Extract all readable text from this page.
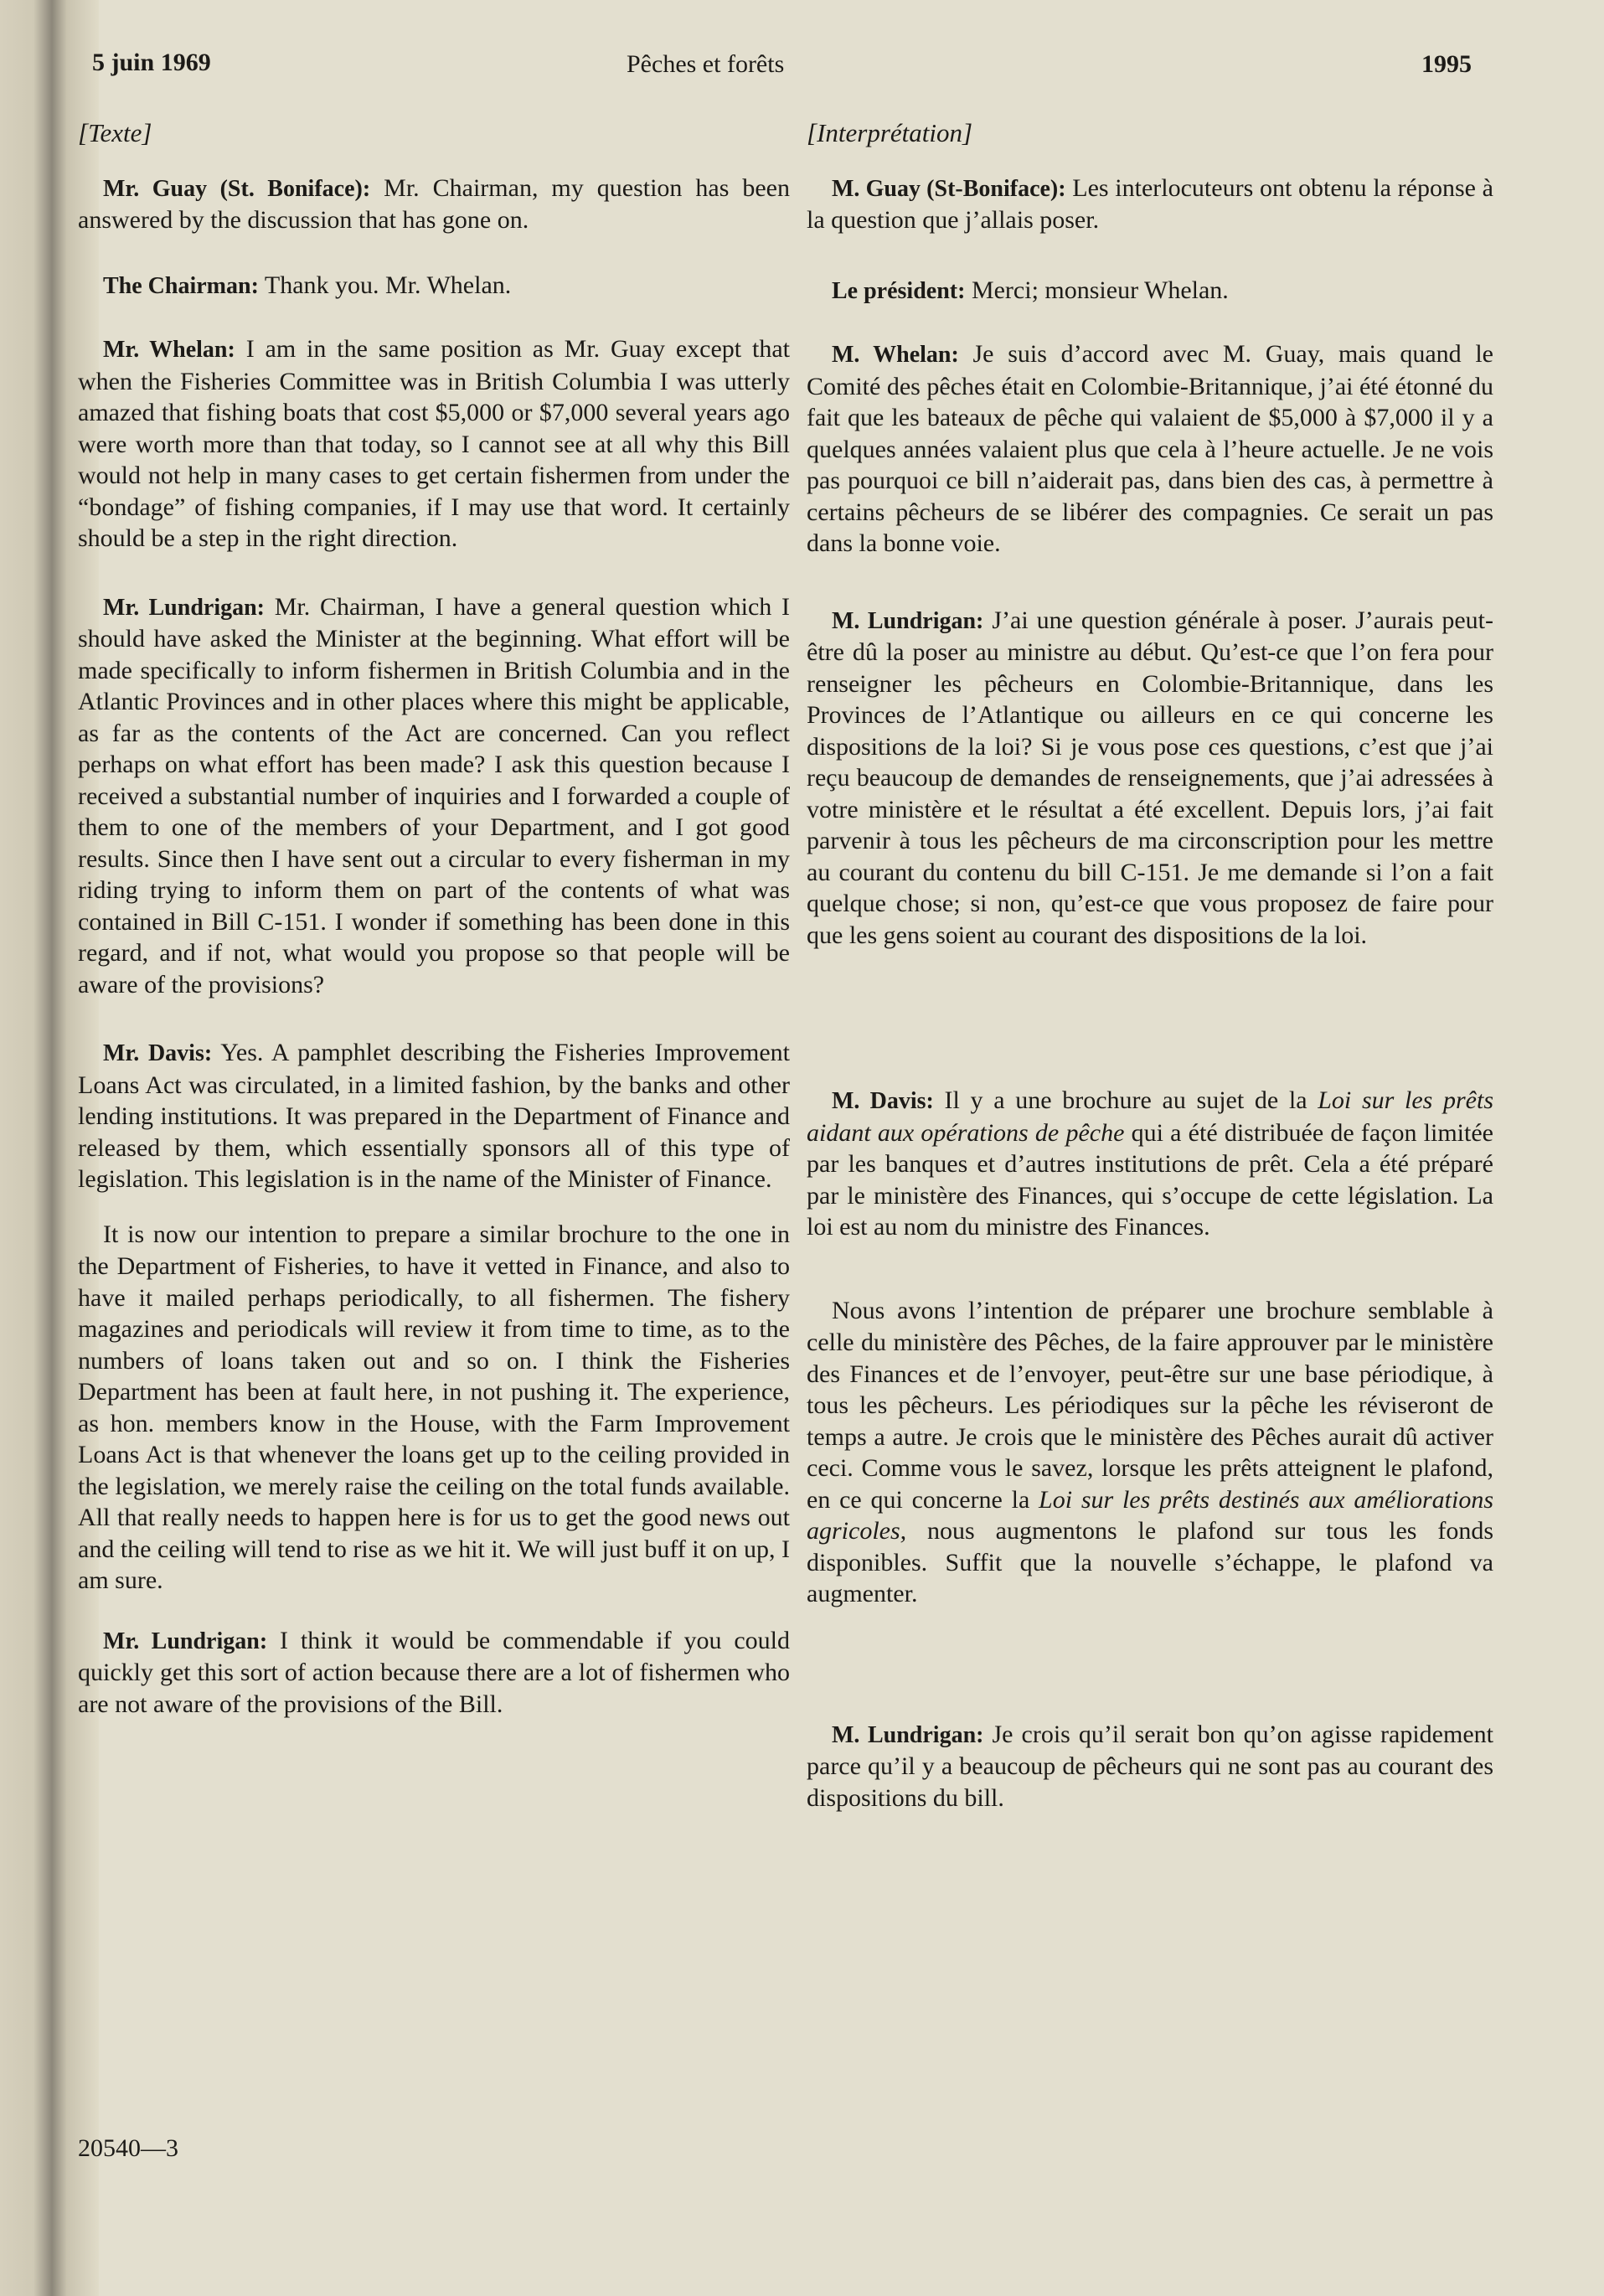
5 juin 1969	Pêches et forêts	1995
[Texte]

Mr. Guay (St. Boniface): Mr. Chairman, my question has been answered by the discussion that has gone on.

The Chairman: Thank you. Mr. Whelan.

Mr. Whelan: I am in the same position as Mr. Guay except that when the Fisheries Committee was in British Columbia I was utterly amazed that fishing boats that cost $5,000 or $7,000 several years ago were worth more than that today, so I cannot see at all why this Bill would not help in many cases to get certain fishermen from under the “bondage” of fishing companies, if I may use that word. It certainly should be a step in the right direction.

Mr. Lundrigan: Mr. Chairman, I have a general question which I should have asked the Minister at the beginning. What effort will be made specifically to inform fishermen in British Columbia and in the Atlantic Provinces and in other places where this might be applicable, as far as the contents of the Act are concerned. Can you reflect perhaps on what effort has been made? I ask this question because I received a substantial number of inquiries and I forwarded a couple of them to one of the members of your Department, and I got good results. Since then I have sent out a circular to every fisherman in my riding trying to inform them on part of the contents of what was contained in Bill C-151. I wonder if something has been done in this regard, and if not, what would you propose so that people will be aware of the provisions?

Mr. Davis: Yes. A pamphlet describing the Fisheries Improvement Loans Act was circulated, in a limited fashion, by the banks and other lending institutions. It was prepared in the Department of Finance and released by them, which essentially sponsors all of this type of legislation. This legislation is in the name of the Minister of Finance.

It is now our intention to prepare a similar brochure to the one in the Department of Fisheries, to have it vetted in Finance, and also to have it mailed perhaps periodically, to all fishermen. The fishery magazines and periodicals will review it from time to time, as to the numbers of loans taken out and so on. I think the Fisheries Department has been at fault here, in not pushing it. The experience, as hon. members know in the House, with the Farm Improvement Loans Act is that whenever the loans get up to the ceiling provided in the legislation, we merely raise the ceiling on the total funds available. All that really needs to happen here is for us to get the good news out and the ceiling will tend to rise as we hit it. We will just buff it on up, I am sure.

Mr. Lundrigan: I think it would be commendable if you could quickly get this sort of action because there are a lot of fishermen who are not aware of the provisions of the Bill.

20540—3
[Interprétation]

M. Guay (St-Boniface): Les interlocuteurs ont obtenu la réponse à la question que j’allais poser.

Le président: Merci; monsieur Whelan.

M. Whelan: Je suis d’accord avec M. Guay, mais quand le Comité des pêches était en Colombie-Britannique, j’ai été étonné du fait que les bateaux de pêche qui valaient de $5,000 à $7,000 il y a quelques années valaient plus que cela à l’heure actuelle. Je ne vois pas pourquoi ce bill n’aiderait pas, dans bien des cas, à permettre à certains pêcheurs de se libérer des compagnies. Ce serait un pas dans la bonne voie.

M. Lundrigan: J’ai une question générale à poser. J’aurais peut-être dû la poser au ministre au début. Qu’est-ce que l’on fera pour renseigner les pêcheurs en Colombie-Britannique, dans les Provinces de l’Atlantique ou ailleurs en ce qui concerne les dispositions de la loi? Si je vous pose ces questions, c’est que j’ai reçu beaucoup de demandes de renseignements, que j’ai adressées à votre ministère et le résultat a été excellent. Depuis lors, j’ai fait parvenir à tous les pêcheurs de ma circonscription pour les mettre au courant du contenu du bill C-151. Je me demande si l’on a fait quelque chose; si non, qu’est-ce que vous proposez de faire pour que les gens soient au courant des dispositions de la loi.

M. Davis: Il y a une brochure au sujet de la Loi sur les prêts aidant aux opérations de pêche qui a été distribuée de façon limitée par les banques et d’autres institutions de prêt. Cela a été préparé par le ministère des Finances, qui s’occupe de cette législation. La loi est au nom du ministre des Finances.

Nous avons l’intention de préparer une brochure semblable à celle du ministère des Pêches, de la faire approuver par le ministère des Finances et de l’envoyer, peut-être sur une base périodique, à tous les pêcheurs. Les périodiques sur la pêche les réviseront de temps a autre. Je crois que le ministère des Pêches aurait dû activer ceci. Comme vous le savez, lorsque les prêts atteignent le plafond, en ce qui concerne la Loi sur les prêts destinés aux améliorations agricoles, nous augmentons le plafond sur tous les fonds disponibles. Suffit que la nouvelle s’échappe, le plafond va augmenter.

M. Lundrigan: Je crois qu’il serait bon qu’on agisse rapidement parce qu’il y a beaucoup de pêcheurs qui ne sont pas au courant des dispositions du bill.
